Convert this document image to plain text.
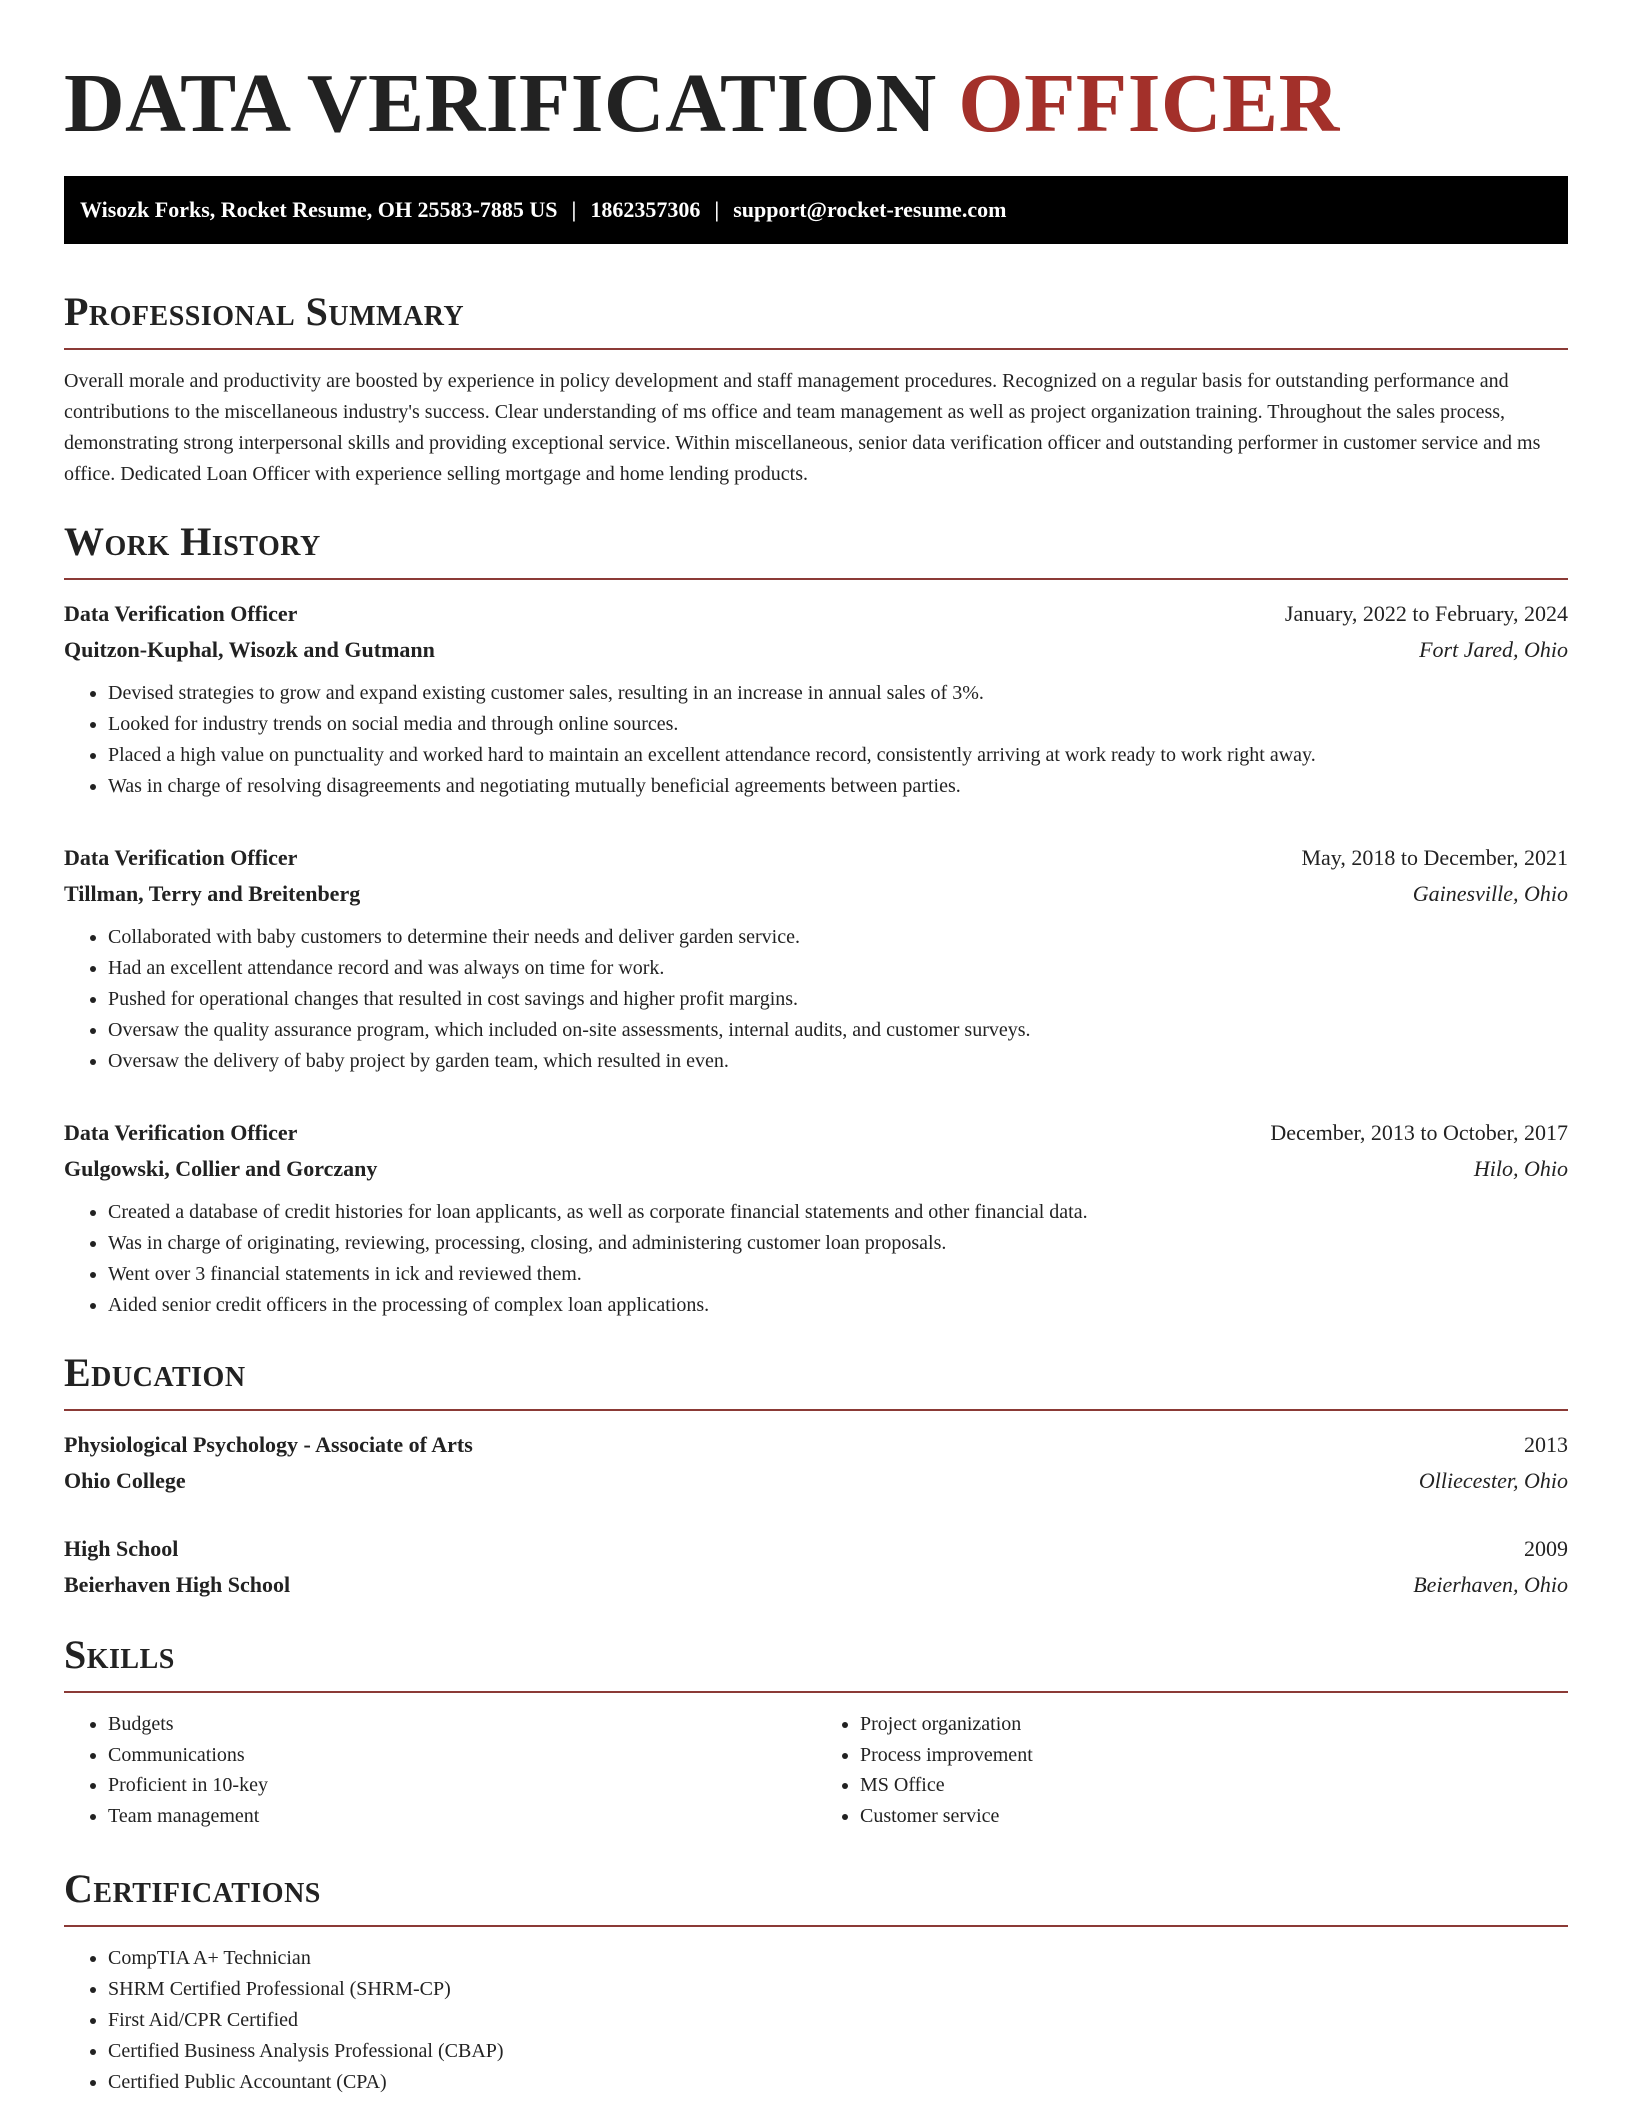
DATA VERIFICATION OFFICER
Wisozk Forks, Rocket Resume, OH 25583-7885 US | 1862357306 | support@rocket-resume.com
Professional Summary
Overall morale and productivity are boosted by experience in policy development and staff management procedures. Recognized on a regular basis for outstanding performance and contributions to the miscellaneous industry's success. Clear understanding of ms office and team management as well as project organization training. Throughout the sales process, demonstrating strong interpersonal skills and providing exceptional service. Within miscellaneous, senior data verification officer and outstanding performer in customer service and ms office. Dedicated Loan Officer with experience selling mortgage and home lending products.
Work History
Data Verification Officer	January, 2022 to February, 2024
Quitzon-Kuphal, Wisozk and Gutmann	Fort Jared, Ohio
• Devised strategies to grow and expand existing customer sales, resulting in an increase in annual sales of 3%.
• Looked for industry trends on social media and through online sources.
• Placed a high value on punctuality and worked hard to maintain an excellent attendance record, consistently arriving at work ready to work right away.
• Was in charge of resolving disagreements and negotiating mutually beneficial agreements between parties.
Data Verification Officer	May, 2018 to December, 2021
Tillman, Terry and Breitenberg	Gainesville, Ohio
• Collaborated with baby customers to determine their needs and deliver garden service.
• Had an excellent attendance record and was always on time for work.
• Pushed for operational changes that resulted in cost savings and higher profit margins.
• Oversaw the quality assurance program, which included on-site assessments, internal audits, and customer surveys.
• Oversaw the delivery of baby project by garden team, which resulted in even.
Data Verification Officer	December, 2013 to October, 2017
Gulgowski, Collier and Gorczany	Hilo, Ohio
• Created a database of credit histories for loan applicants, as well as corporate financial statements and other financial data.
• Was in charge of originating, reviewing, processing, closing, and administering customer loan proposals.
• Went over 3 financial statements in ick and reviewed them.
• Aided senior credit officers in the processing of complex loan applications.
Education
Physiological Psychology - Associate of Arts	2013
Ohio College	Olliecester, Ohio
High School	2009
Beierhaven High School	Beierhaven, Ohio
Skills
• Budgets
• Communications
• Proficient in 10-key
• Team management
• Project organization
• Process improvement
• MS Office
• Customer service
Certifications
• CompTIA A+ Technician
• SHRM Certified Professional (SHRM-CP)
• First Aid/CPR Certified
• Certified Business Analysis Professional (CBAP)
• Certified Public Accountant (CPA)
